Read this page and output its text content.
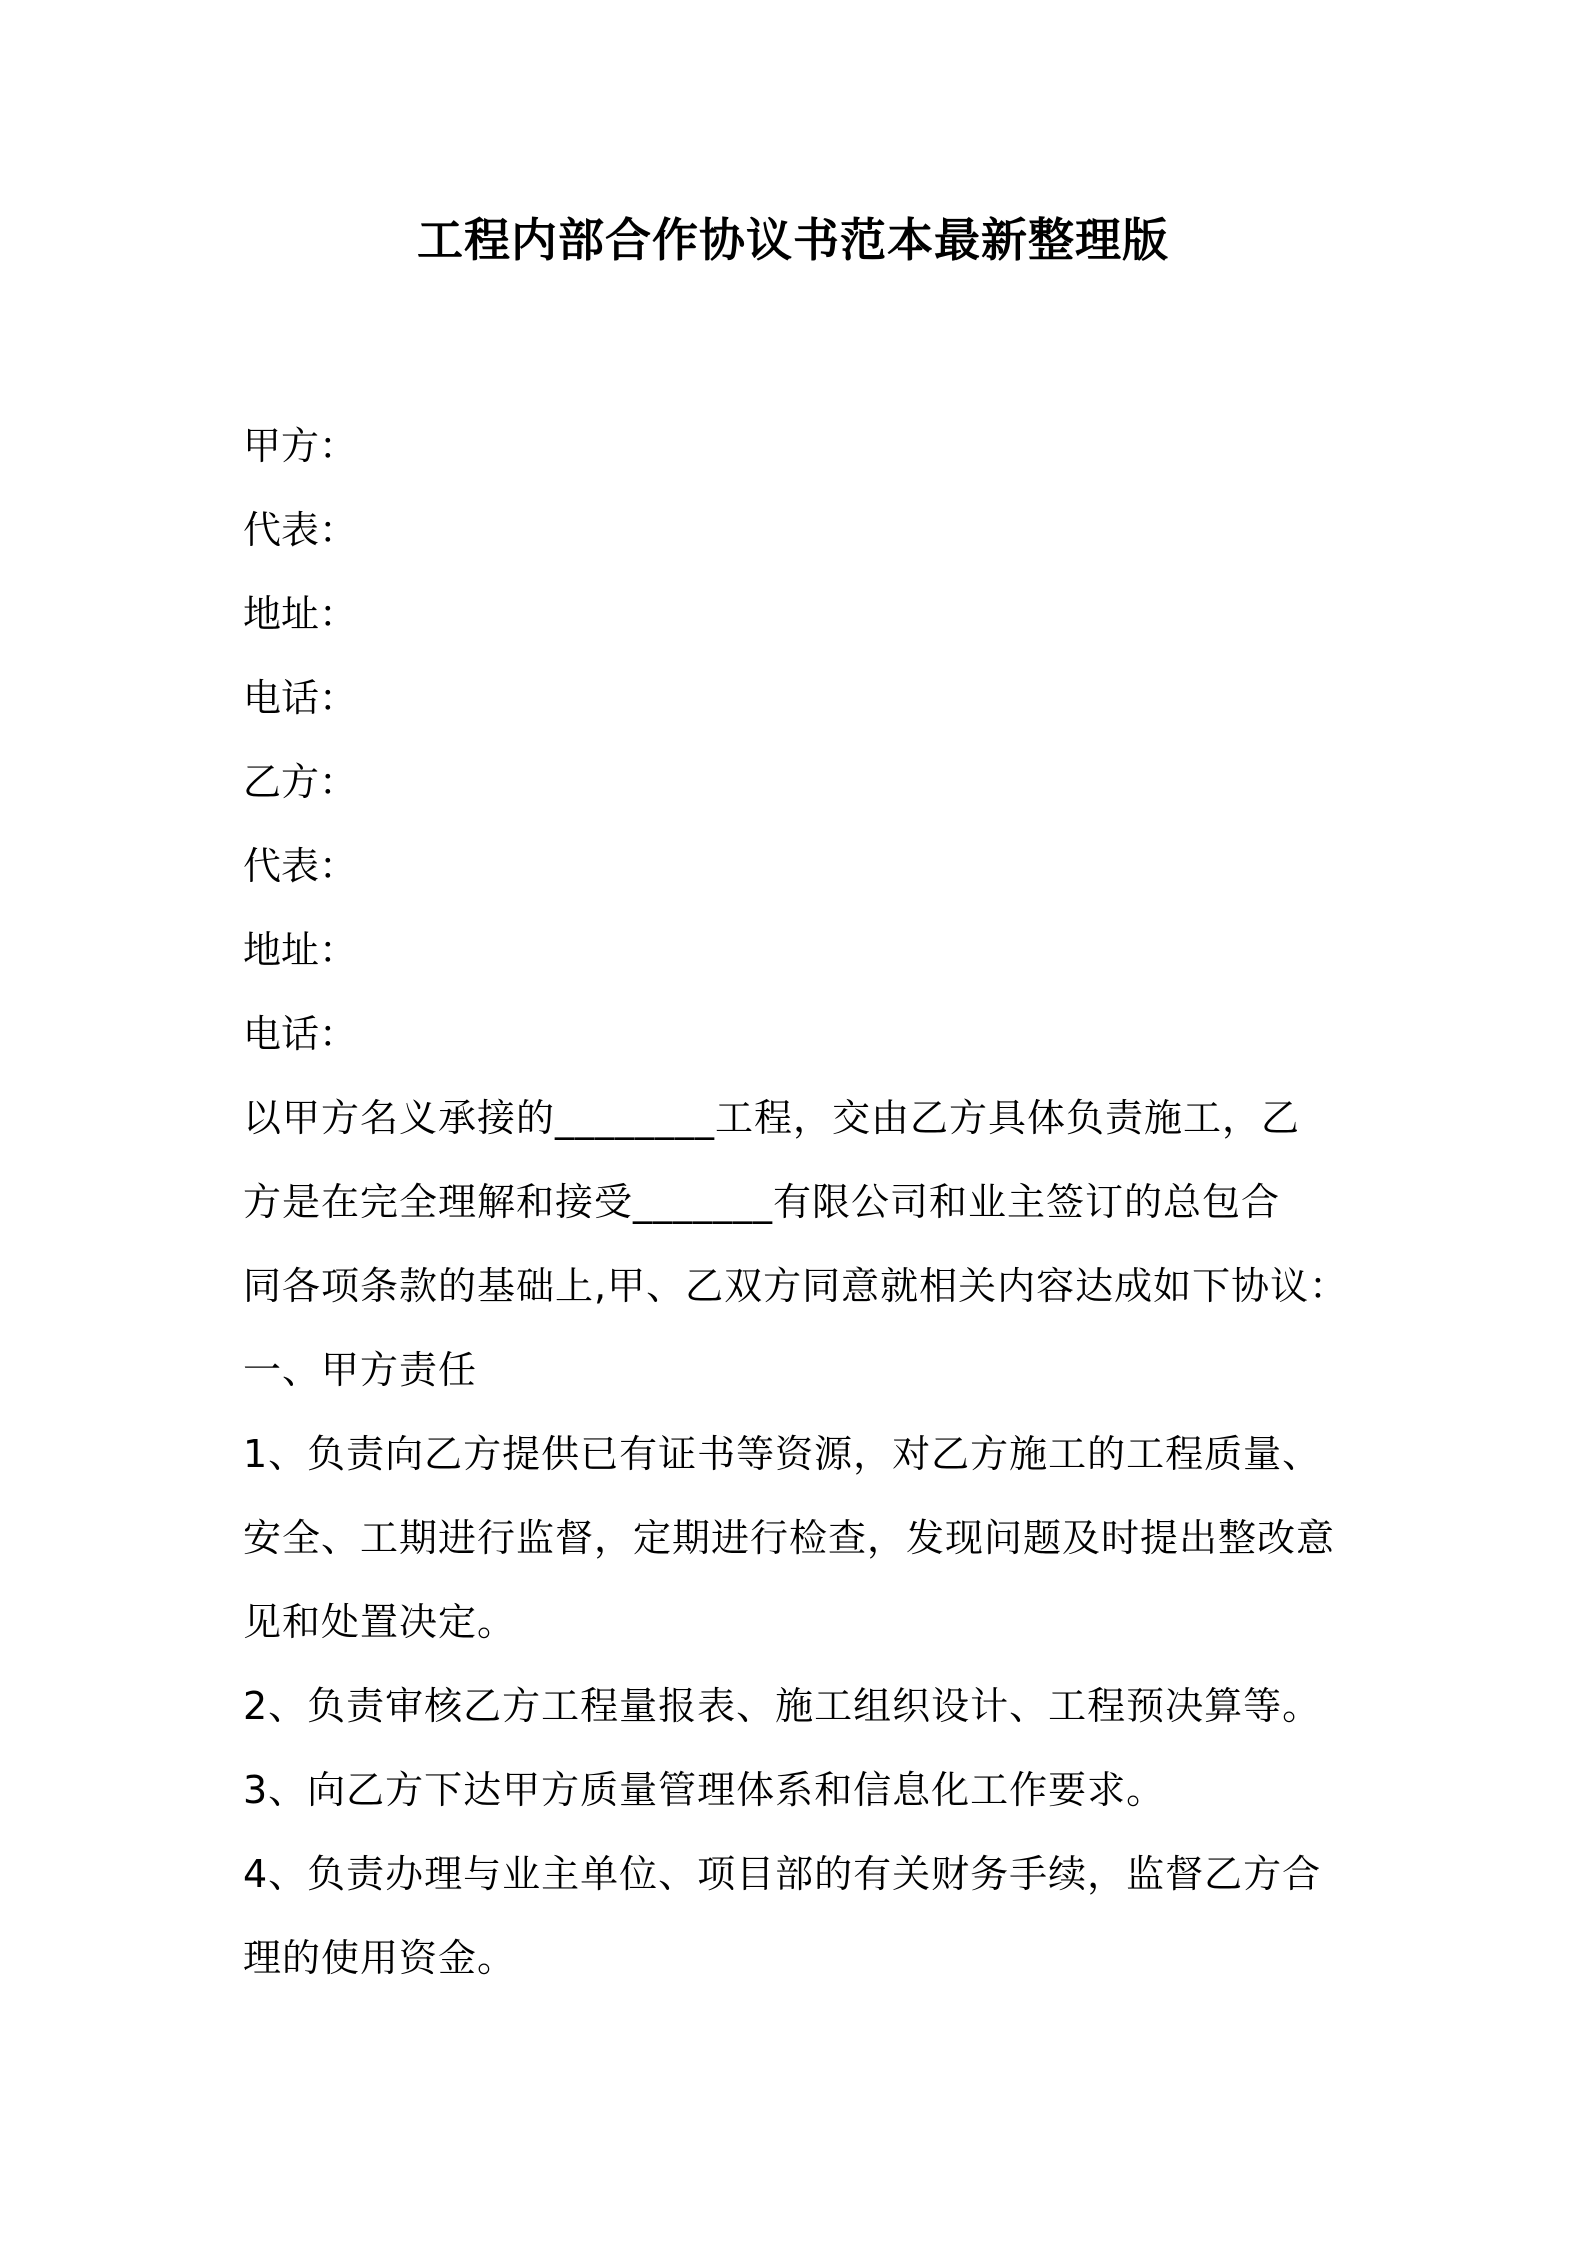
工程内部合作协议书范本最新整理版
甲方：
代表：
地址：
电话：
乙方：
代表：
地址：
电话：
以甲方名义承接的________工程，交由乙方具体负责施工，乙
方是在完全理解和接受_______有限公司和业主签订的总包合
同各项条款的基础上,甲、乙双方同意就相关内容达成如下协议：
一、甲方责任
1、负责向乙方提供已有证书等资源，对乙方施工的工程质量、
安全、工期进行监督，定期进行检查，发现问题及时提出整改意
见和处置决定。
2、负责审核乙方工程量报表、施工组织设计、工程预决算等。
3、向乙方下达甲方质量管理体系和信息化工作要求。
4、负责办理与业主单位、项目部的有关财务手续，监督乙方合
理的使用资金。
